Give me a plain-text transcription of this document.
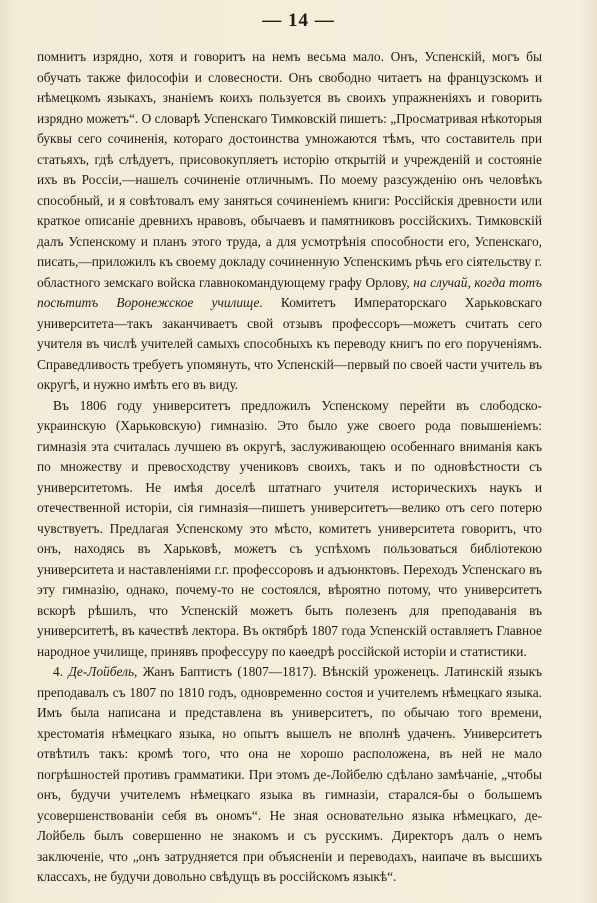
— 14 —

помнитъ изрядно, хотя и говоритъ на немъ весьма мало. Онъ, Успенскій, могъ бы обучать также философіи и словесности. Онъ свободно читаетъ на французскомъ и нѣмецкомъ языкахъ, знаніемъ коихъ пользуется въ своихъ упражненіяхъ и говорить изрядно можетъ“. О словарѣ Успенскаго Тимковскій пишетъ: „Просматривая нѣкоторыя буквы сего сочиненія, котораго достоинства умножаются тѣмъ, что составитель при статьяхъ, гдѣ слѣдуетъ, присовокупляетъ исторію открытій и учрежденій и состояніе ихъ въ Россіи,—нашелъ сочиненіе отличнымъ. По моему разсужденію онъ человѣкъ способный, и я совѣтовалъ ему заняться сочиненіемъ книги: Россійскія древности или краткое описаніе древнихъ нравовъ, обычаевъ и памятниковъ россійскихъ. Тимковскій далъ Успенскому и планъ этого труда, а для усмотрѣнія способности его, Успенскаго, писать,—приложилъ къ своему докладу сочиненную Успенскимъ рѣчь его сіятельству г. областного земскаго войска главнокомандующему графу Орлову, на случай, когда тотъ посѣтитъ Воронежское училище. Комитетъ Императорскаго Харьковскаго университета—такъ заканчиваетъ свой отзывъ профессоръ—можетъ считать сего учителя въ числѣ учителей самыхъ способныхъ къ переводу книгъ по его порученіямъ. Справедливость требуетъ упомянуть, что Успенскій—первый по своей части учитель въ округѣ, и нужно имѣть его въ виду.

Въ 1806 году университетъ предложилъ Успенскому перейти въ слободско-украинскую (Харьковскую) гимназію. Это было уже своего рода повышеніемъ: гимназія эта считалась лучшею въ округѣ, заслуживающею особеннаго вниманія какъ по множеству и превосходству учениковъ своихъ, такъ и по одновѣстности съ университетомъ. Не имѣя доселѣ штатнаго учителя историческихъ наукъ и отечественной исторіи, сія гимназія—пишетъ университетъ—велико отъ сего потерю чувствуетъ. Предлагая Успенскому это мѣсто, комитетъ университета говоритъ, что онъ, находясь въ Харьковѣ, можетъ съ успѣхомъ пользоваться библіотекою университета и наставленіями г.г. профессоровъ и адъюнктовъ. Переходъ Успенскаго въ эту гимназію, однако, почему-то не состоялся, вѣроятно потому, что университетъ вскорѣ рѣшилъ, что Успенскій можетъ быть полезенъ для преподаванія въ университетѣ, въ качествѣ лектора. Въ октябрѣ 1807 года Успенскій оставляетъ Главное народное училище, принявъ профессуру по каѳедрѣ россійской исторіи и статистики.

4. Де-Лойбель, Жанъ Баптистъ (1807—1817). Вѣнскій уроженецъ. Латинскій языкъ преподавалъ съ 1807 по 1810 годъ, одновременно состоя и учителемъ нѣмецкаго языка. Имъ была написана и представлена въ университетъ, по обычаю того времени, хрестоматія нѣмецкаго языка, но опытъ вышелъ не вполнѣ удаченъ. Университетъ отвѣтилъ такъ: кромѣ того, что она не хорошо расположена, въ ней не мало погрѣшностей противъ грамматики. При этомъ де-Лойбелю сдѣлано замѣчаніе, „чтобы онъ, будучи учителемъ нѣмецкаго языка въ гимназіи, старался-бы о большемъ усовершенствованіи себя въ ономъ“. Не зная основательно языка нѣмецкаго, де-Лойбель былъ совершенно не знакомъ и съ русскимъ. Директоръ далъ о немъ заключеніе, что „онъ затрудняется при объясненіи и переводахъ, наипаче въ высшихъ классахъ, не будучи довольно свѣдущъ въ россійскомъ языкѣ“.
